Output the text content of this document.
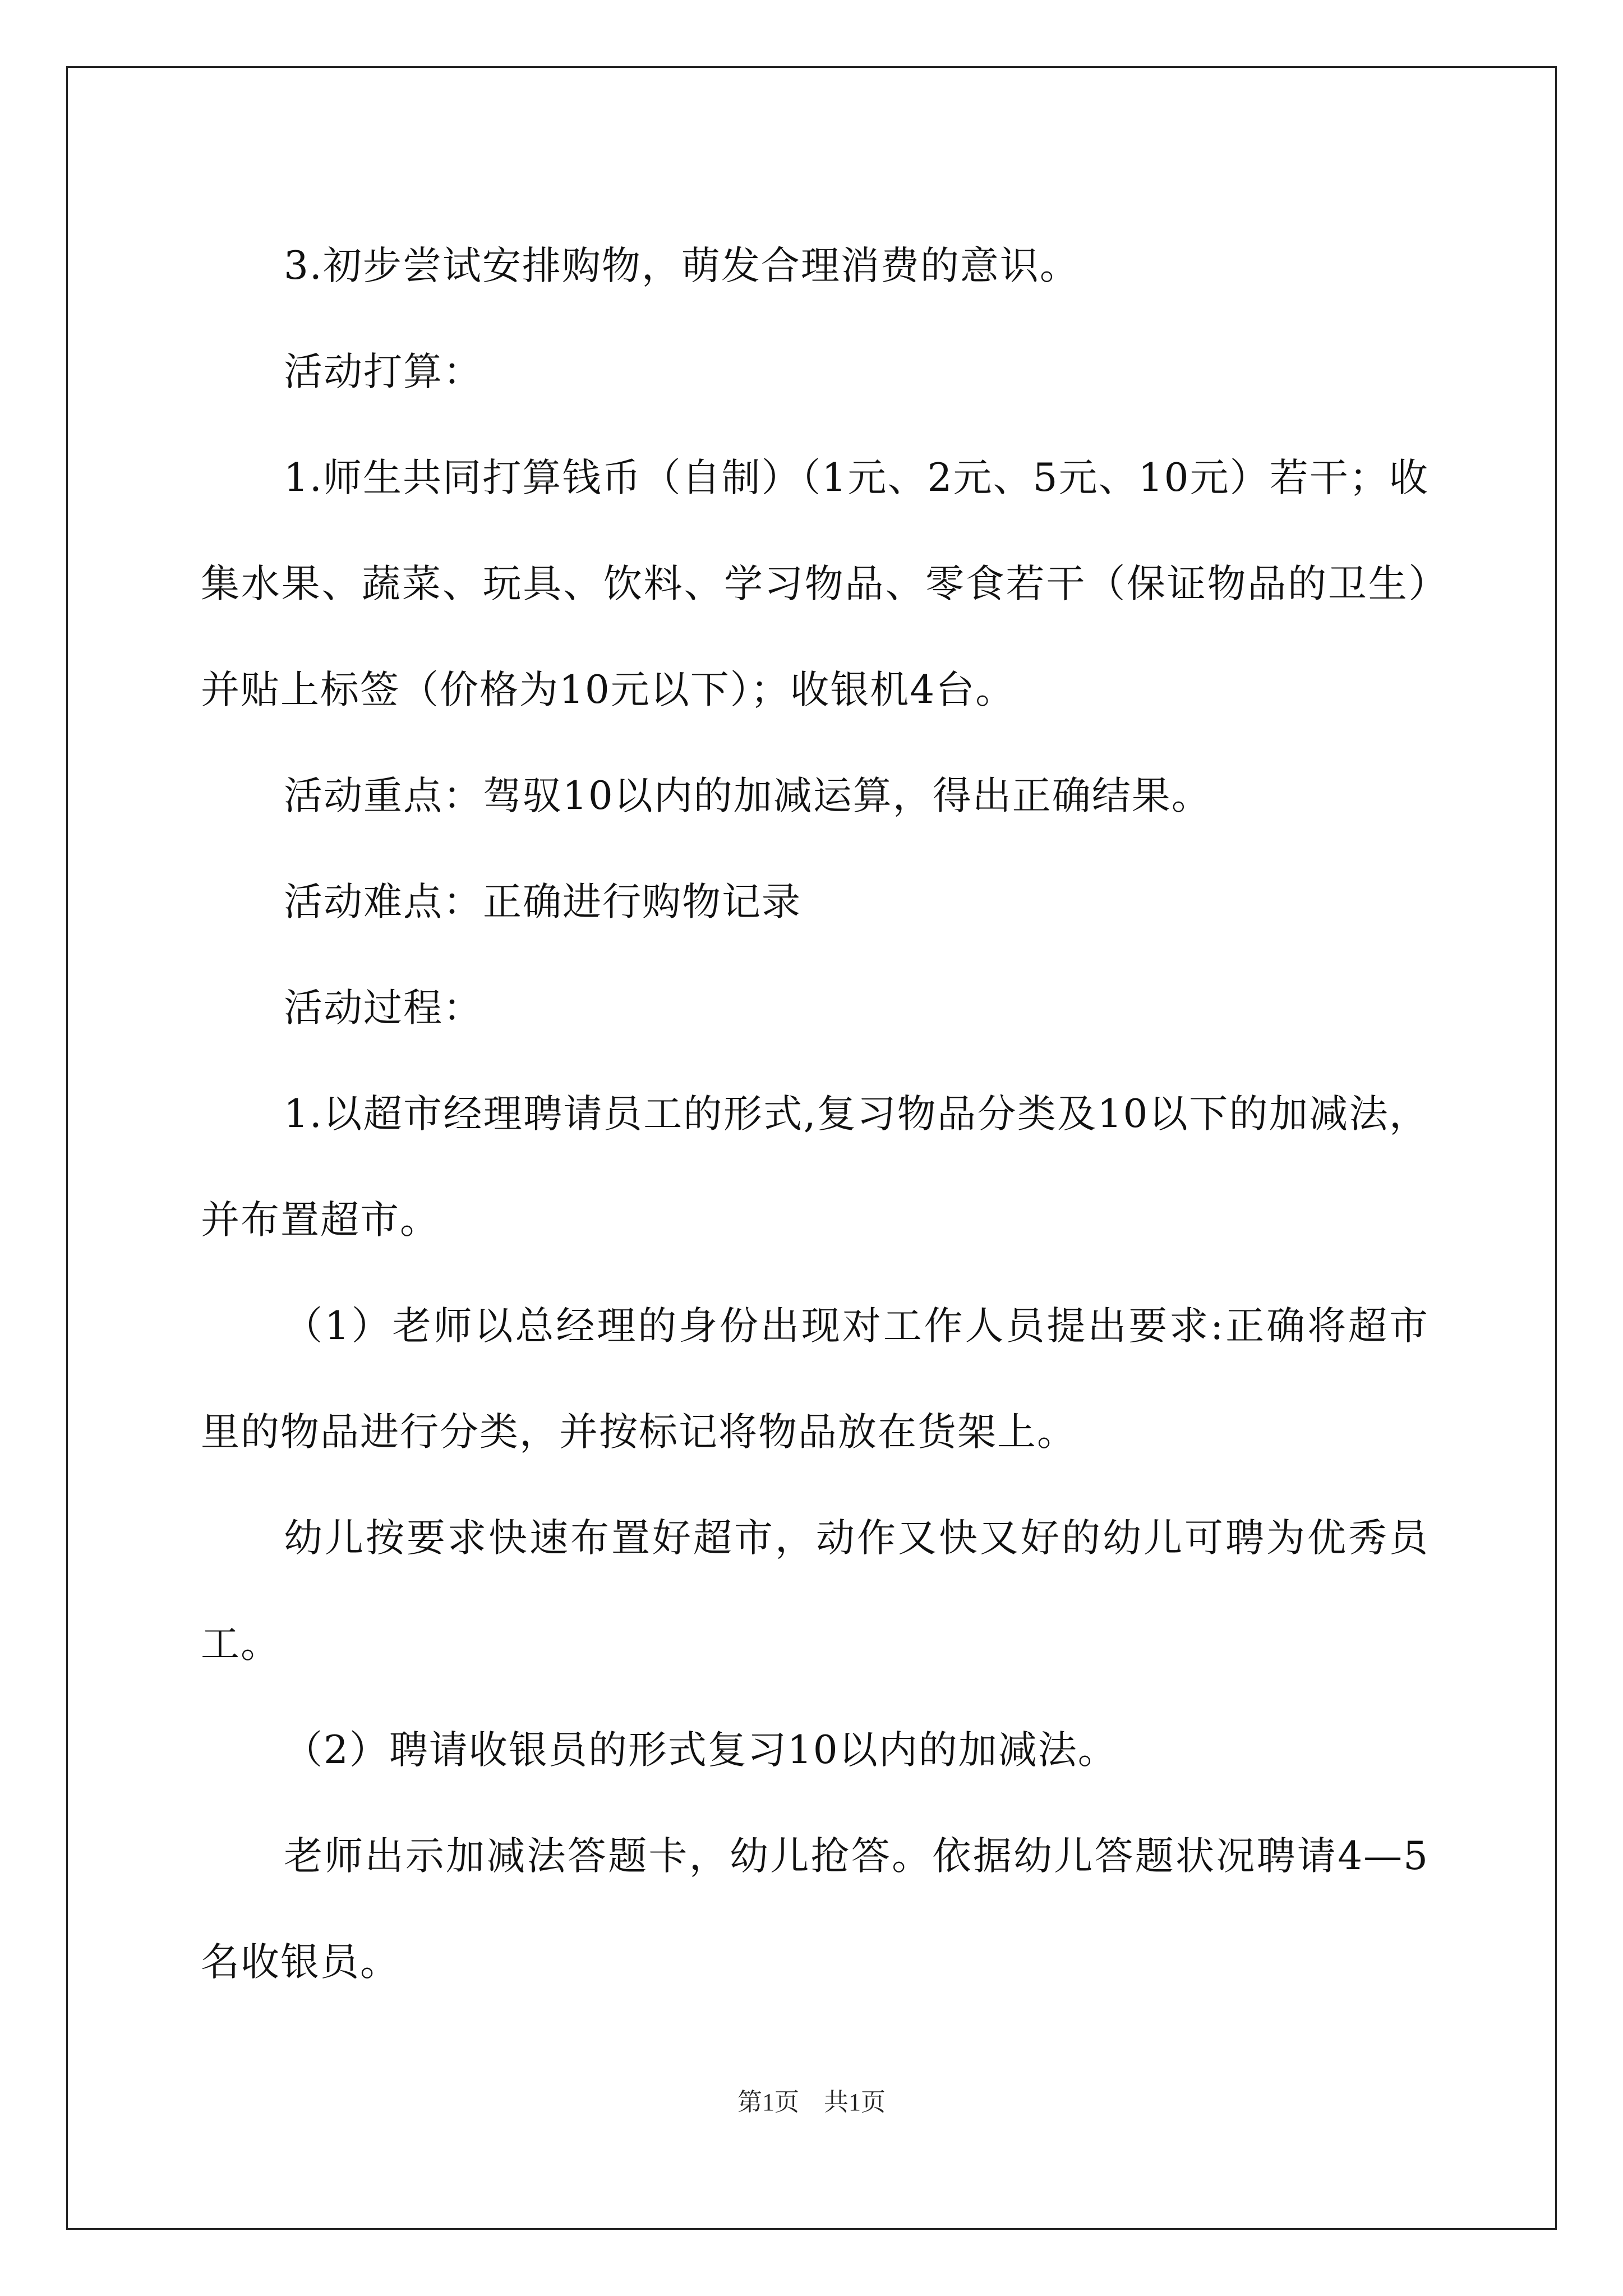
3.初步尝试安排购物，萌发合理消费的意识。

活动打算：

1.师生共同打算钱币（自制）（1元、2元、5元、10元）若干；收集水果、蔬菜、玩具、饮料、学习物品、零食若干（保证物品的卫生）并贴上标签（价格为10元以下）；收银机4台。

活动重点：驾驭10以内的加减运算，得出正确结果。

活动难点：正确进行购物记录

活动过程：

1.以超市经理聘请员工的形式,复习物品分类及10以下的加减法，并布置超市。

（1）老师以总经理的身份出现对工作人员提出要求:正确将超市里的物品进行分类，并按标记将物品放在货架上。

幼儿按要求快速布置好超市，动作又快又好的幼儿可聘为优秀员工。

（2）聘请收银员的形式复习10以内的加减法。

老师出示加减法答题卡，幼儿抢答。依据幼儿答题状况聘请4—5名收银员。

第1页　共1页
